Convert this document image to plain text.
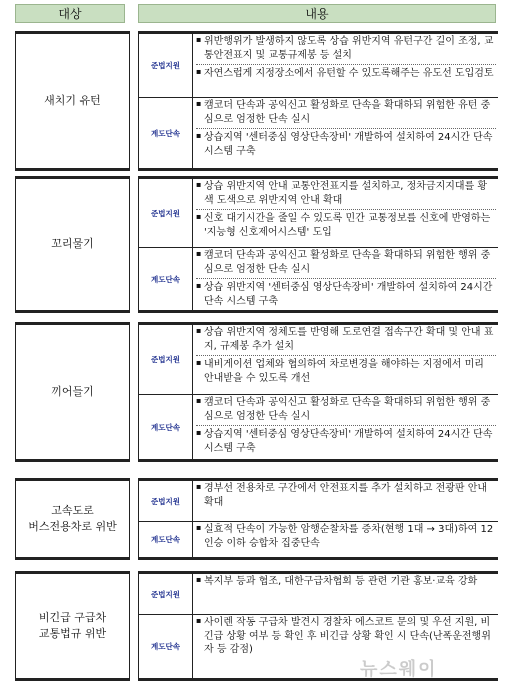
대상	내용
새치기 유턴
준법지원
▪ 위반행위가 발생하지 않도록 상습 위반지역 유턴구간 길이 조정, 교통안전표지 및 교통규제봉 등 설치
▪ 자연스럽게 지정장소에서 유턴할 수 있도록해주는 유도선 도입검토
계도단속
▪ 캠코더 단속과 공익신고 활성화로 단속을 확대하되 위험한 유턴 중심으로 엄정한 단속 실시
▪ 상습지역 '센터중심 영상단속장비' 개발하여 설치하여 24시간 단속 시스템 구축
꼬리물기
준법지원
▪ 상습 위반지역 안내 교통안전표지를 설치하고, 정차금지지대를 황색 도색으로 위반지역 안내 확대
▪ 신호 대기시간을 줄일 수 있도록 민간 교통정보를 신호에 반영하는 '지능형 신호제어시스템' 도입
계도단속
▪ 캠코더 단속과 공익신고 활성화로 단속을 확대하되 위험한 행위 중심으로 엄정한 단속 실시
▪ 상습 위반지역 '센터중심 영상단속장비' 개발하여 설치하여 24시간 단속 시스템 구축
끼어들기
준법지원
▪ 상습 위반지역 정체도를 반영해 도로연결 접속구간 확대 및 안내 표지, 규제봉 추가 설치
▪ 내비게이션 업체와 협의하여 차로변경을 해야하는 지점에서 미리 안내받을 수 있도록 개선
계도단속
▪ 캠코더 단속과 공익신고 활성화로 단속을 확대하되 위험한 행위 중심으로 엄정한 단속 실시
▪ 상습지역 '센터중심 영상단속장비' 개발하여 설치하여 24시간 단속 시스템 구축
고속도로
버스전용차로 위반
준법지원
▪ 경부선 전용차로 구간에서 안전표지를 추가 설치하고 전광판 안내 확대
계도단속
▪ 실효적 단속이 가능한 암행순찰차를 증차(현행 1대 → 3대)하여 12인승 이하 승합차 집중단속
비긴급 구급차
교통법규 위반
준법지원
▪ 복지부 등과 협조, 대한구급차협회 등 관련 기관 홍보·교육 강화
계도단속
▪ 사이렌 작동 구급차 발견시 경찰차 에스코트 문의 및 우선 지원, 비긴급 상황 여부 등 확인 후 비긴급 상황 확인 시 단속(난폭운전행위자 등 감점)
뉴스웨이
